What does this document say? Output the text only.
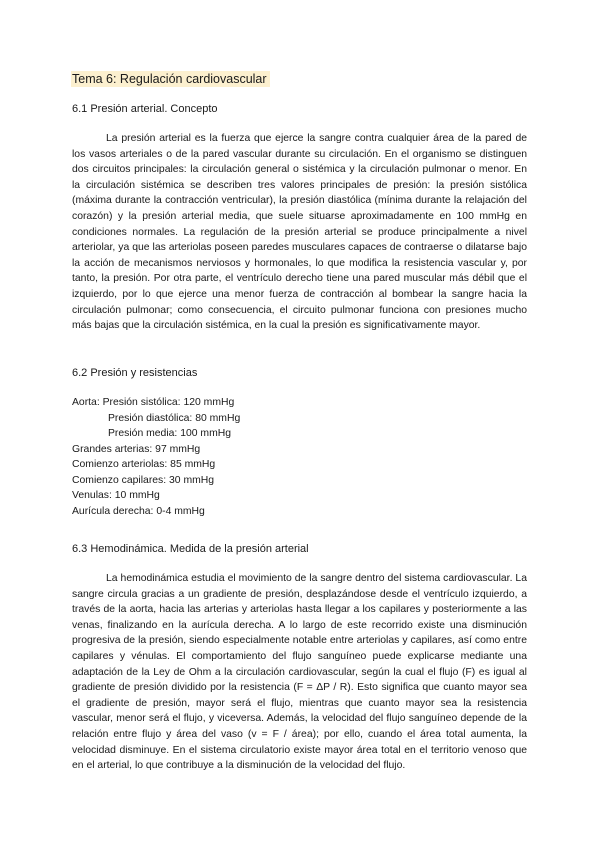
Tema 6: Regulación cardiovascular
6.1 Presión arterial. Concepto

La presión arterial es la fuerza que ejerce la sangre contra cualquier área de la pared de los vasos arteriales o de la pared vascular durante su circulación. En el organismo se distinguen dos circuitos principales: la circulación general o sistémica y la circulación pulmonar o menor. En la circulación sistémica se describen tres valores principales de presión: la presión sistólica (máxima durante la contracción ventricular), la presión diastólica (mínima durante la relajación del corazón) y la presión arterial media, que suele situarse aproximadamente en 100 mmHg en condiciones normales. La regulación de la presión arterial se produce principalmente a nivel arteriolar, ya que las arteriolas poseen paredes musculares capaces de contraerse o dilatarse bajo la acción de mecanismos nerviosos y hormonales, lo que modifica la resistencia vascular y, por tanto, la presión. Por otra parte, el ventrículo derecho tiene una pared muscular más débil que el izquierdo, por lo que ejerce una menor fuerza de contracción al bombear la sangre hacia la circulación pulmonar; como consecuencia, el circuito pulmonar funciona con presiones mucho más bajas que la circulación sistémica, en la cual la presión es significativamente mayor.

6.2 Presión y resistencias
Aorta: Presión sistólica: 120 mmHg
Presión diastólica: 80 mmHg
Presión media: 100 mmHg
Grandes arterias: 97 mmHg
Comienzo arteriolas: 85 mmHg
Comienzo capilares: 30 mmHg
Venulas: 10 mmHg
Aurícula derecha: 0-4 mmHg
6.3 Hemodinámica. Medida de la presión arterial

La hemodinámica estudia el movimiento de la sangre dentro del sistema cardiovascular. La sangre circula gracias a un gradiente de presión, desplazándose desde el ventrículo izquierdo, a través de la aorta, hacia las arterias y arteriolas hasta llegar a los capilares y posteriormente a las venas, finalizando en la aurícula derecha. A lo largo de este recorrido existe una disminución progresiva de la presión, siendo especialmente notable entre arteriolas y capilares, así como entre capilares y vénulas. El comportamiento del flujo sanguíneo puede explicarse mediante una adaptación de la Ley de Ohm a la circulación cardiovascular, según la cual el flujo (F) es igual al gradiente de presión dividido por la resistencia (F = ΔP / R). Esto significa que cuanto mayor sea el gradiente de presión, mayor será el flujo, mientras que cuanto mayor sea la resistencia vascular, menor será el flujo, y viceversa. Además, la velocidad del flujo sanguíneo depende de la relación entre flujo y área del vaso (v = F / área); por ello, cuando el área total aumenta, la velocidad disminuye. En el sistema circulatorio existe mayor área total en el territorio venoso que en el arterial, lo que contribuye a la disminución de la velocidad del flujo.
